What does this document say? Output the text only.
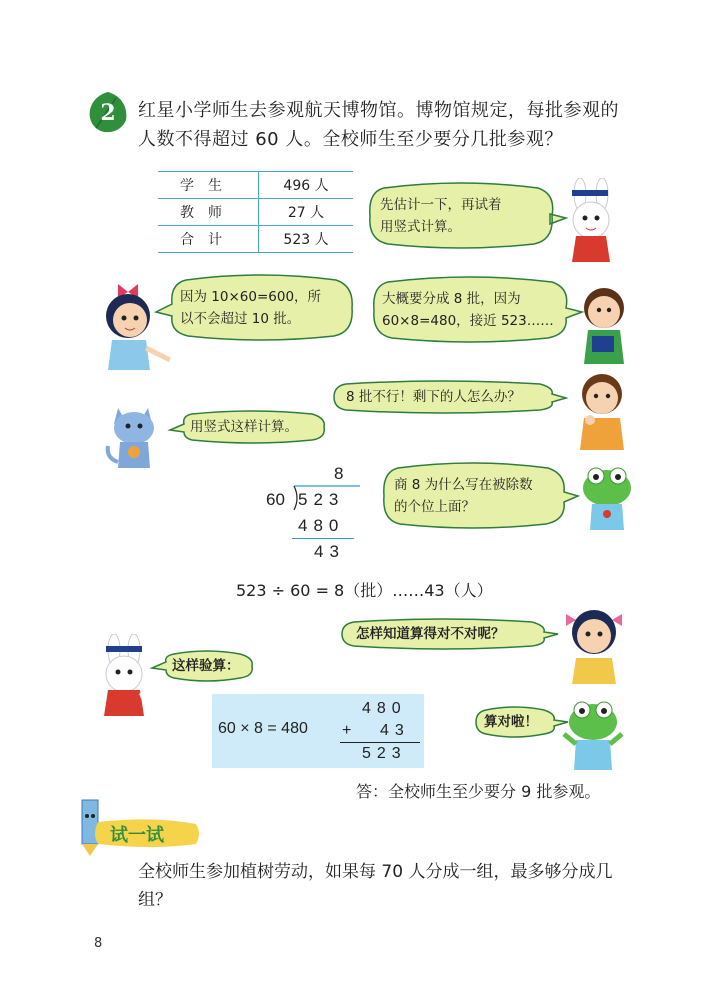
2 红星小学师生去参观航天博物馆。博物馆规定，每批参观的
人数不得超过 60 人。全校师生至少要分几批参观？
学生	496 人
教师	27 人
合计	523 人
先估计一下，再试着
用竖式计算。
因为 10×60=600，所
以不会超过 10 批。
大概要分成 8 批，因为
60×8=480，接近 523……
用竖式这样计算。
8 批不行！剩下的人怎么办？
8
60 523
480
43
商 8 为什么写在被除数
的个位上面？
523 ÷ 60 = 8（批）……43（人）
怎样知道算得对不对呢？
这样验算：
60 × 8 = 480
480
+ 43
523
算对啦！
答：全校师生至少要分 9 批参观。
试一试
全校师生参加植树劳动，如果每 70 人分成一组，最多够分成几组？
8
